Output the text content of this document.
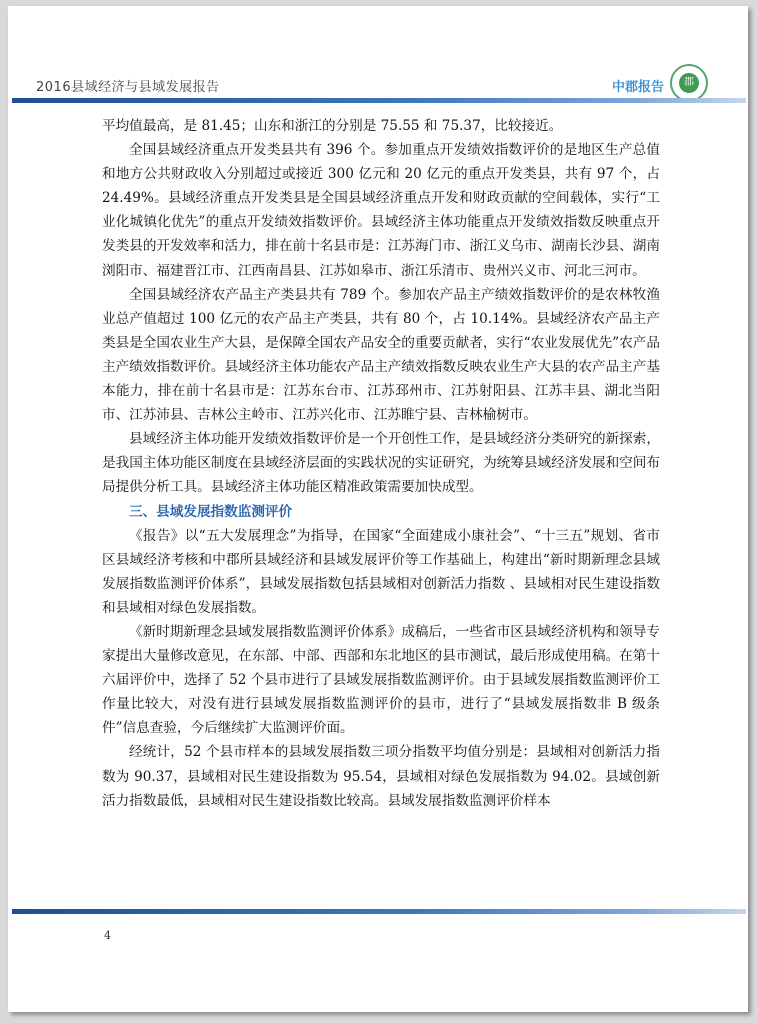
2016县域经济与县域发展报告	中郡报告	郡

平均值最高，是 81.45；山东和浙江的分别是 75.55 和 75.37，比较接近。

全国县域经济重点开发类县共有 396 个。参加重点开发绩效指数评价的是地区生产总值和地方公共财政收入分别超过或接近 300 亿元和 20 亿元的重点开发类县，共有 97 个，占 24.49%。县域经济重点开发类县是全国县域经济重点开发和财政贡献的空间载体，实行“工业化城镇化优先”的重点开发绩效指数评价。县域经济主体功能重点开发绩效指数反映重点开发类县的开发效率和活力，排在前十名县市是：江苏海门市、浙江义乌市、湖南长沙县、湖南浏阳市、福建晋江市、江西南昌县、江苏如皋市、浙江乐清市、贵州兴义市、河北三河市。

全国县域经济农产品主产类县共有 789 个。参加农产品主产绩效指数评价的是农林牧渔业总产值超过 100 亿元的农产品主产类县，共有 80 个，占 10.14%。县域经济农产品主产类县是全国农业生产大县，是保障全国农产品安全的重要贡献者，实行“农业发展优先”农产品主产绩效指数评价。县域经济主体功能农产品主产绩效指数反映农业生产大县的农产品主产基本能力，排在前十名县市是：江苏东台市、江苏邳州市、江苏射阳县、江苏丰县、湖北当阳市、江苏沛县、吉林公主岭市、江苏兴化市、江苏睢宁县、吉林榆树市。

县域经济主体功能开发绩效指数评价是一个开创性工作，是县域经济分类研究的新探索，是我国主体功能区制度在县域经济层面的实践状况的实证研究，为统筹县域经济发展和空间布局提供分析工具。县域经济主体功能区精准政策需要加快成型。

三、县域发展指数监测评价

《报告》以“五大发展理念”为指导，在国家“全面建成小康社会”、“十三五”规划、省市区县域经济考核和中郡所县域经济和县域发展评价等工作基础上，构建出“新时期新理念县域发展指数监测评价体系”，县域发展指数包括县域相对创新活力指数 、县域相对民生建设指数和县域相对绿色发展指数。

《新时期新理念县域发展指数监测评价体系》成稿后，一些省市区县域经济机构和领导专家提出大量修改意见，在东部、中部、西部和东北地区的县市测试，最后形成使用稿。在第十六届评价中，选择了 52 个县市进行了县域发展指数监测评价。由于县域发展指数监测评价工作量比较大，对没有进行县域发展指数监测评价的县市，进行了“县域发展指数非 B 级条件”信息查验，今后继续扩大监测评价面。

经统计，52 个县市样本的县域发展指数三项分指数平均值分别是：县域相对创新活力指数为 90.37，县域相对民生建设指数为 95.54，县域相对绿色发展指数为 94.02。县域创新活力指数最低，县域相对民生建设指数比较高。县域发展指数监测评价样本

4
